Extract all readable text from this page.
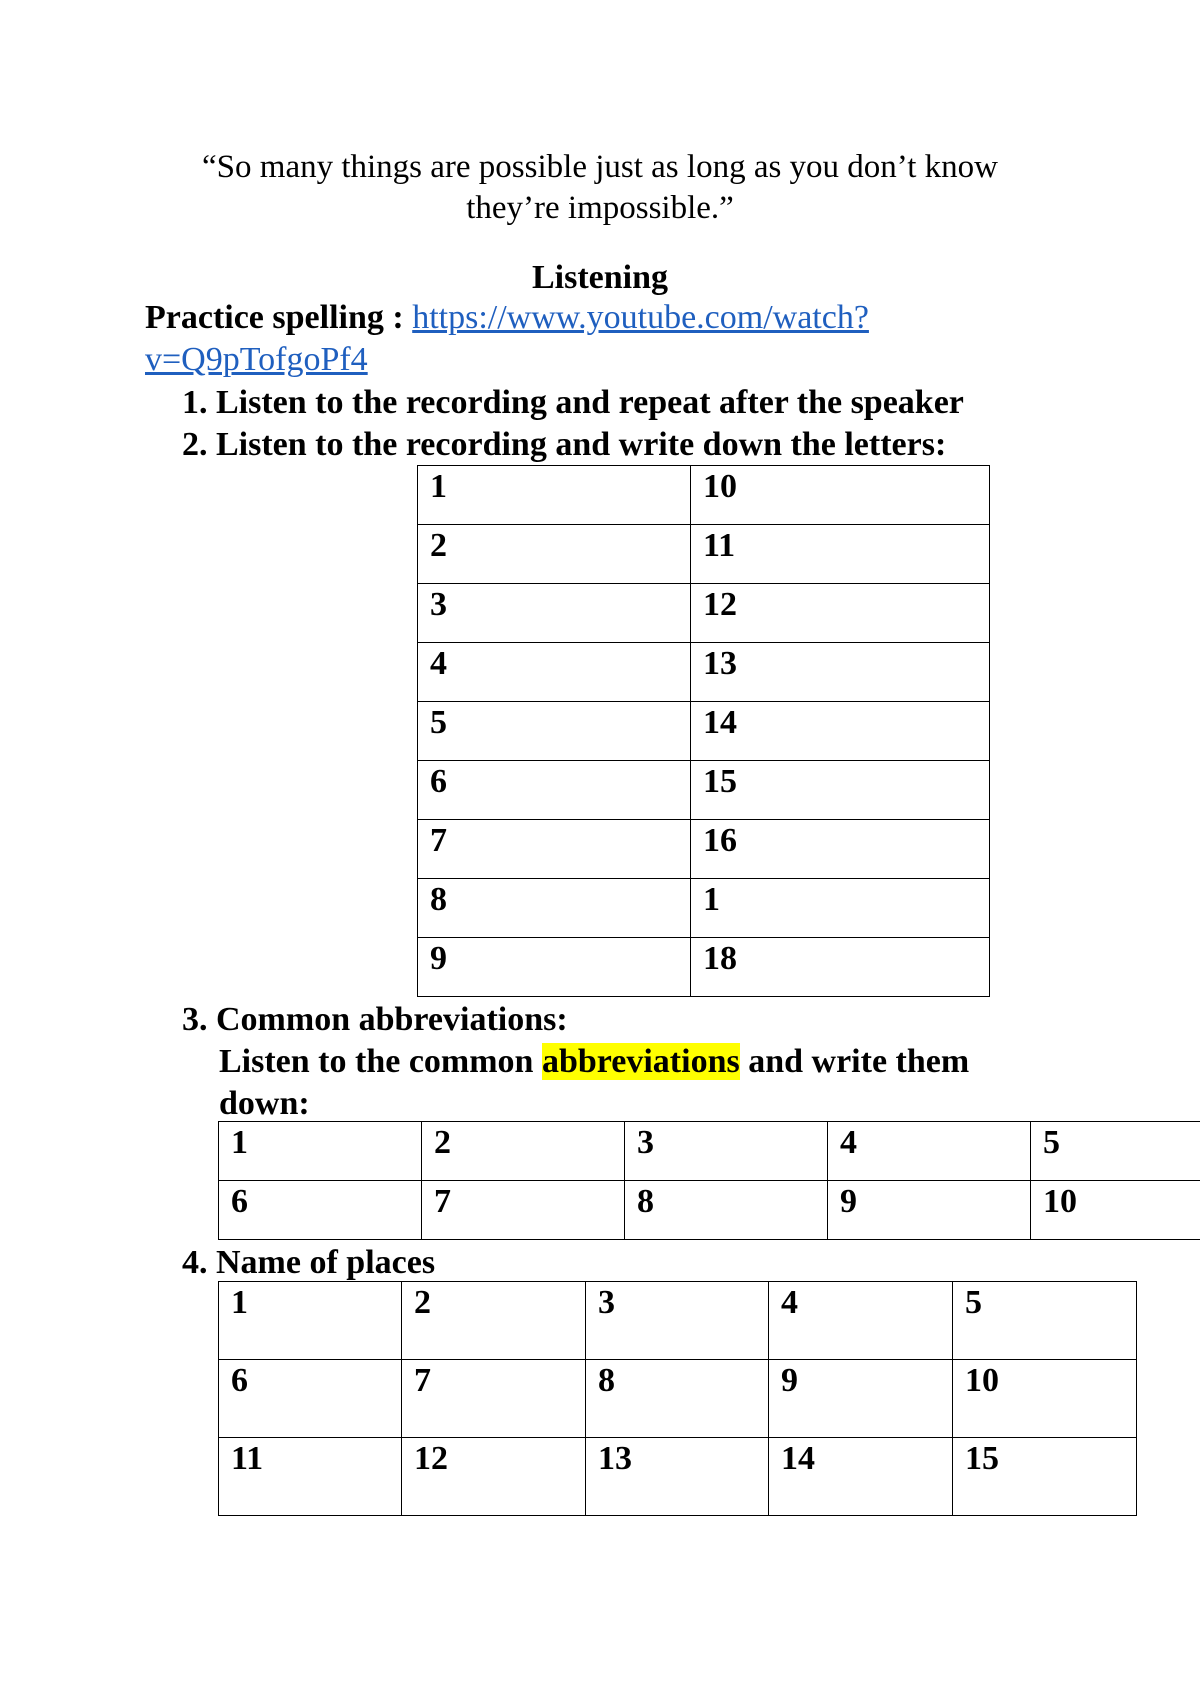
“So many things are possible just as long as you don’t know
they’re impossible.”
Listening
Practice spelling : https://www.youtube.com/watch?
v=Q9pTofgoPf4
1. Listen to the recording and repeat after the speaker
2. Listen to the recording and write down the letters:
1	10
2	11
3	12
4	13
5	14
6	15
7	16
8	1
9	18
3. Common abbreviations:
Listen to the common abbreviations and write them
down:
1	2	3	4	5
6	7	8	9	10
4. Name of places
1	2	3	4	5
6	7	8	9	10
11	12	13	14	15
